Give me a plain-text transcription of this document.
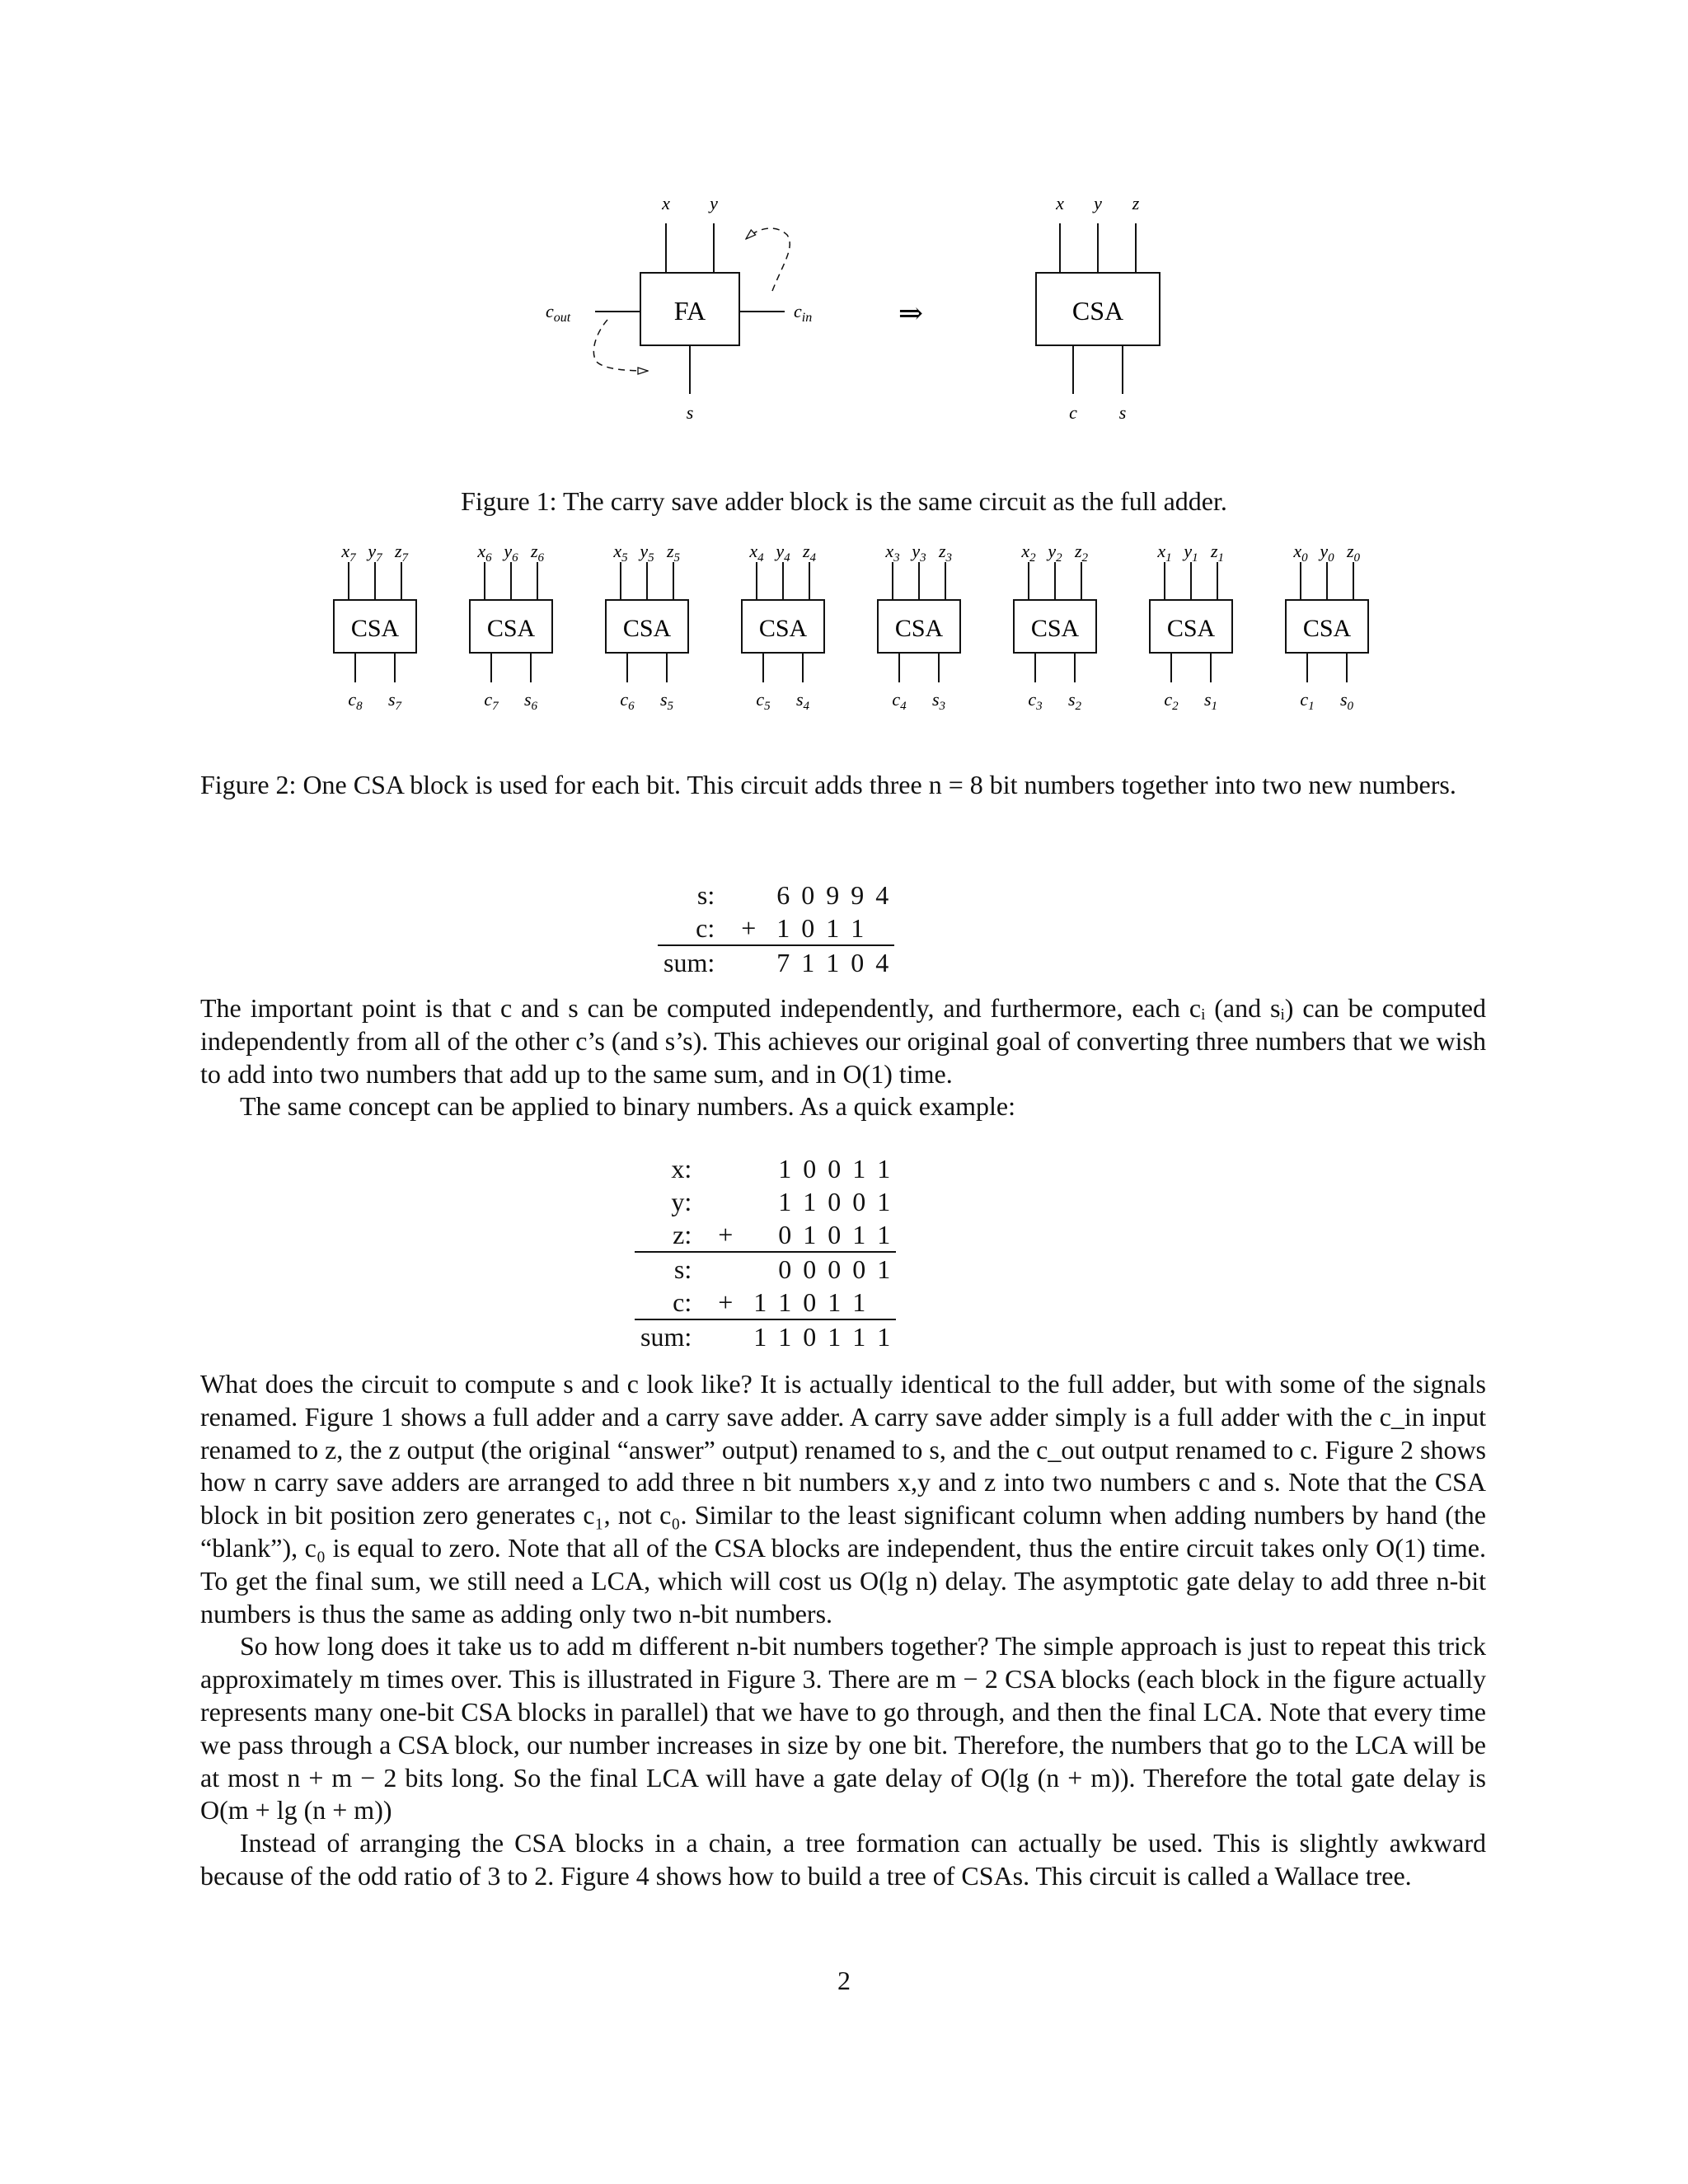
FA
x y
$c_{in}$
$c_{out}$
s
⇒	CSA
x y z
c s
Figure 1: The carry save adder block is the same circuit as the full adder.
CSA
$x_7$ $y_7$ $z_7$
$c_8$ $s_7$
CSA
$x_6$ $y_6$ $z_6$
$c_7$ $s_6$
CSA
$x_5$ $y_5$ $z_5$
$c_6$ $s_5$
CSA
$x_4$ $y_4$ $z_4$
$c_5$ $s_4$
CSA
$x_3$ $y_3$ $z_3$
$c_4$ $s_3$
CSA
$x_2$ $y_2$ $z_2$
$c_3$ $s_2$
CSA
$x_1$ $y_1$ $z_1$
$c_2$ $s_1$
CSA
$x_0$ $y_0$ $z_0$
$c_1$ $s_0$
Figure 2: One CSA block is used for each bit. This circuit adds three n = 8 bit numbers together into two new numbers.
s:		6	0	9	9	4
c:	+	1	0	1	1	
sum:		7	1	1	0	4

The important point is that c and s can be computed independently, and furthermore, each cᵢ (and sᵢ) can be computed independently from all of the other c’s (and s’s). This achieves our original goal of converting three numbers that we wish to add into two numbers that add up to the same sum, and in O(1) time.

The same concept can be applied to binary numbers. As a quick example:

x:			1	0	0	1	1
y:			1	1	0	0	1
z:	+		0	1	0	1	1
s:			0	0	0	0	1
c:	+	1	1	0	1	1	
sum:		1	1	0	1	1	1

What does the circuit to compute s and c look like? It is actually identical to the full adder, but with some of the signals renamed. Figure 1 shows a full adder and a carry save adder. A carry save adder simply is a full adder with the c_in input renamed to z, the z output (the original “answer” output) renamed to s, and the c_out output renamed to c. Figure 2 shows how n carry save adders are arranged to add three n bit numbers x,y and z into two numbers c and s. Note that the CSA block in bit position zero generates c₁, not c₀. Similar to the least significant column when adding numbers by hand (the “blank”), c₀ is equal to zero. Note that all of the CSA blocks are independent, thus the entire circuit takes only O(1) time. To get the final sum, we still need a LCA, which will cost us O(lg n) delay. The asymptotic gate delay to add three n-bit numbers is thus the same as adding only two n-bit numbers.

So how long does it take us to add m different n-bit numbers together? The simple approach is just to repeat this trick approximately m times over. This is illustrated in Figure 3. There are m − 2 CSA blocks (each block in the figure actually represents many one-bit CSA blocks in parallel) that we have to go through, and then the final LCA. Note that every time we pass through a CSA block, our number increases in size by one bit. Therefore, the numbers that go to the LCA will be at most n + m − 2 bits long. So the final LCA will have a gate delay of O(lg (n + m)). Therefore the total gate delay is O(m + lg (n + m))

Instead of arranging the CSA blocks in a chain, a tree formation can actually be used. This is slightly awkward because of the odd ratio of 3 to 2. Figure 4 shows how to build a tree of CSAs. This circuit is called a Wallace tree.

2
